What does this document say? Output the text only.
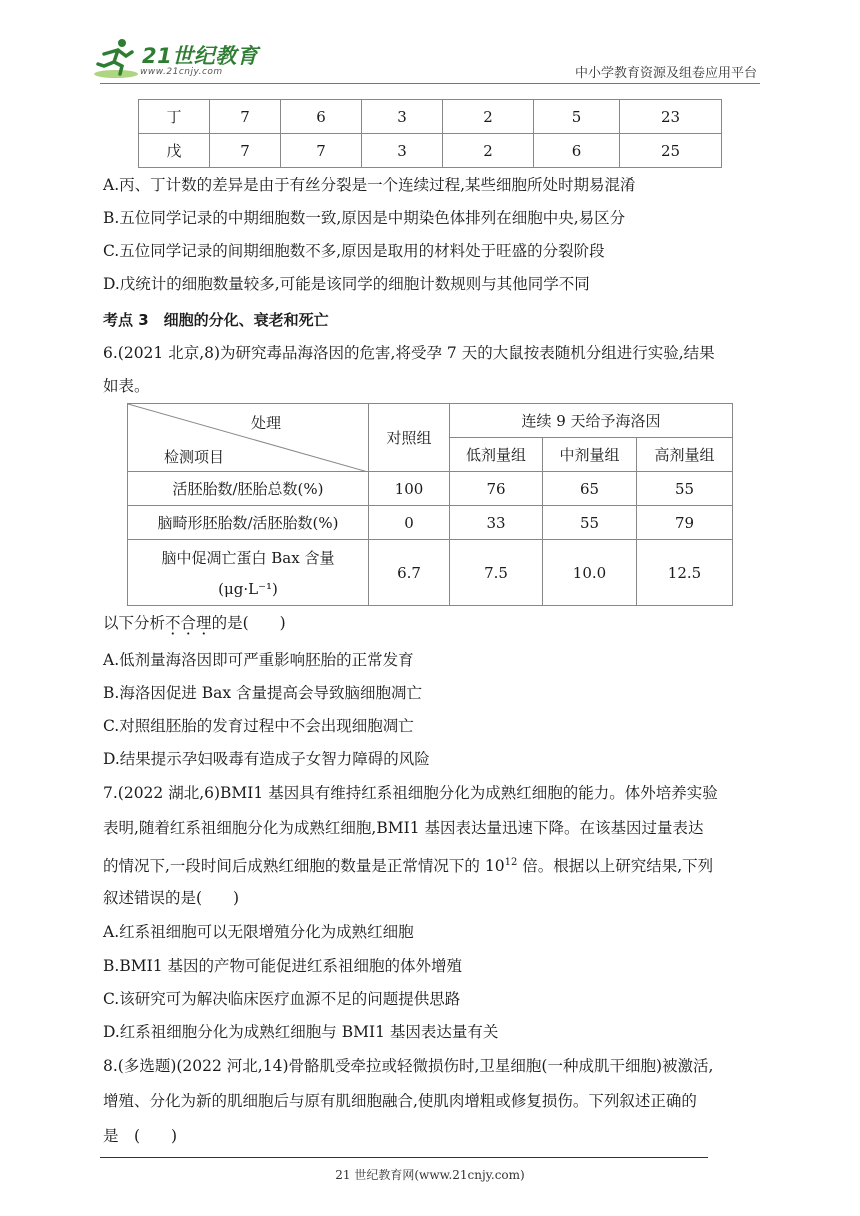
21世纪教育
www.21cnjy.com	中小学教育资源及组卷应用平台
丁	7	6	3	2	5	23
戊	7	7	3	2	6	25
A.丙、丁计数的差异是由于有丝分裂是一个连续过程,某些细胞所处时期易混淆
B.五位同学记录的中期细胞数一致,原因是中期染色体排列在细胞中央,易区分
C.五位同学记录的间期细胞数不多,原因是取用的材料处于旺盛的分裂阶段
D.戊统计的细胞数量较多,可能是该同学的细胞计数规则与其他同学不同
考点 3　细胞的分化、衰老和死亡
6.(2021 北京,8)为研究毒品海洛因的危害,将受孕 7 天的大鼠按表随机分组进行实验,结果
如表。
处理
检测项目	对照组	连续 9 天给予海洛因		
		低剂量组	中剂量组	高剂量组
活胚胎数/胚胎总数(%)	100	76	65	55
脑畸形胚胎数/活胚胎数(%)	0	33	55	79

脑中促凋亡蛋白 Bax 含量
(μg·L⁻¹)	6.7	7.5	10.0	12.5
以下分析不合理的是(　　)
A.低剂量海洛因即可严重影响胚胎的正常发育
B.海洛因促进 Bax 含量提高会导致脑细胞凋亡
C.对照组胚胎的发育过程中不会出现细胞凋亡
D.结果提示孕妇吸毒有造成子女智力障碍的风险
7.(2022 湖北,6)BMI1 基因具有维持红系祖细胞分化为成熟红细胞的能力。体外培养实验
表明,随着红系祖细胞分化为成熟红细胞,BMI1 基因表达量迅速下降。在该基因过量表达
的情况下,一段时间后成熟红细胞的数量是正常情况下的 $10^{12}$ 倍。根据以上研究结果,下列
叙述错误的是(　　)
A.红系祖细胞可以无限增殖分化为成熟红细胞
B.BMI1 基因的产物可能促进红系祖细胞的体外增殖
C.该研究可为解决临床医疗血源不足的问题提供思路
D.红系祖细胞分化为成熟红细胞与 BMI1 基因表达量有关
8.(多选题)(2022 河北,14)骨骼肌受牵拉或轻微损伤时,卫星细胞(一种成肌干细胞)被激活,
增殖、分化为新的肌细胞后与原有肌细胞融合,使肌肉增粗或修复损伤。下列叙述正确的
是　(　　)
21 世纪教育网(www.21cnjy.com)
